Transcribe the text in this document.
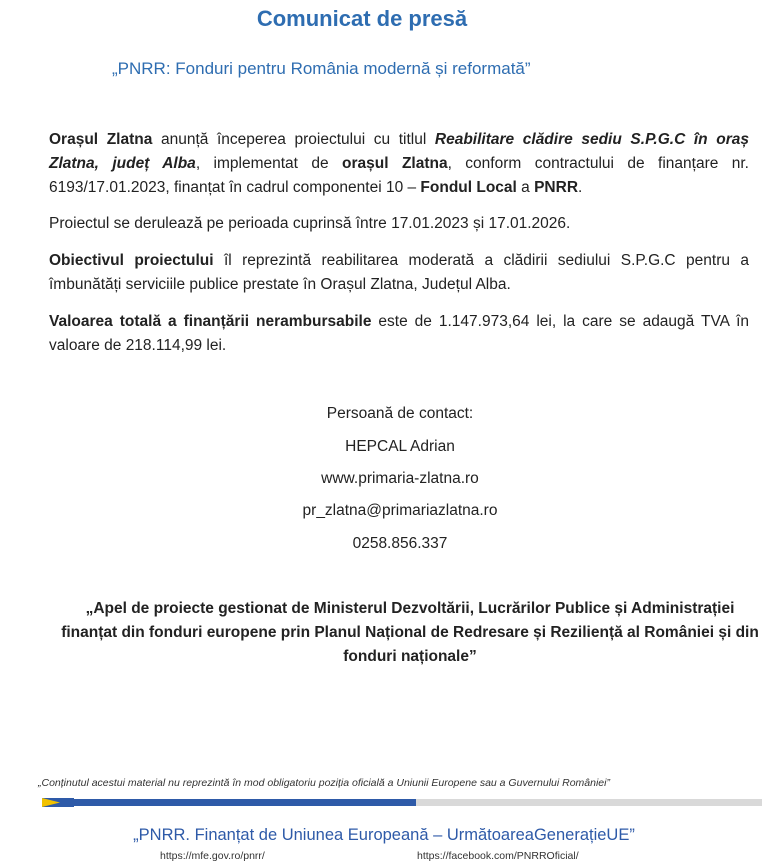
Comunicat de presă
„PNRR: Fonduri pentru România modernă și reformată”
Orașul Zlatna anunță începerea proiectului cu titlul Reabilitare clădire sediu S.P.G.C în oraș Zlatna, județ Alba, implementat de orașul Zlatna, conform contractului de finanțare nr. 6193/17.01.2023, finanțat în cadrul componentei 10 – Fondul Local a PNRR.
Proiectul se derulează pe perioada cuprinsă între 17.01.2023 și 17.01.2026.
Obiectivul proiectului îl reprezintă reabilitarea moderată a clădirii sediului S.P.G.C pentru a îmbunătăți serviciile publice prestate în Orașul Zlatna, Județul Alba.
Valoarea totală a finanțării nerambursabile este de 1.147.973,64 lei, la care se adaugă TVA în valoare de 218.114,99 lei.
Persoană de contact:
HEPCAL Adrian
www.primaria-zlatna.ro
pr_zlatna@primariazlatna.ro
0258.856.337
„Apel de proiecte gestionat de Ministerul Dezvoltării, Lucrărilor Publice și Administrației finanțat din fonduri europene prin Planul Național de Redresare și Reziliență al României și din fonduri naționale”
„Conținutul acestui material nu reprezintă în mod obligatoriu poziția oficială a Uniunii Europene sau a Guvernului României”
„PNRR. Finanțat de Uniunea Europeană – UrmătoareaGenerațieUE”
https://mfe.gov.ro/pnrr/	https://facebook.com/PNRROficial/
